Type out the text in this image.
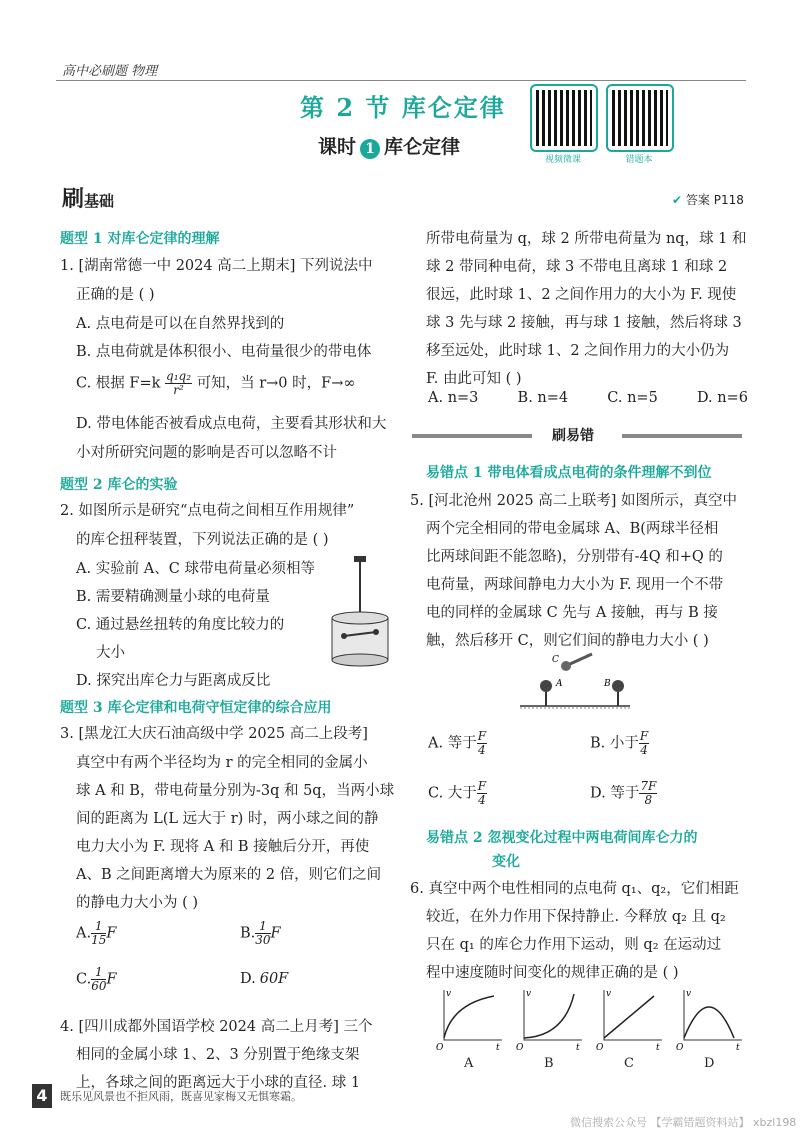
高中必刷题 物理
第 2 节 库仑定律
课时 1 库仑定律
视频微课	错题本
刷基础	✔ 答案 P118
题型 1 对库仑定律的理解
1. [湖南常德一中 2024 高二上期末] 下列说法中
正确的是 ( )
A. 点电荷是可以在自然界找到的
B. 点电荷就是体积很小、电荷量很少的带电体
D. 带电体能否被看成点电荷，主要看其形状和大
小对所研究问题的影响是否可以忽略不计
题型 2 库仑的实验
2. 如图所示是研究“点电荷之间相互作用规律”
的库仑扭秤装置，下列说法正确的是 ( )
A. 实验前 A、C 球带电荷量必须相等
B. 需要精确测量小球的电荷量
C. 通过悬丝扭转的角度比较力的
大小
D. 探究出库仑力与距离成反比
题型 3 库仑定律和电荷守恒定律的综合应用
3. [黑龙江大庆石油高级中学 2025 高二上段考]
真空中有两个半径均为 r 的完全相同的金属小
球 A 和 B，带电荷量分别为-3q 和 5q，当两小球
间的距离为 L(L 远大于 r) 时，两小球之间的静
电力大小为 F. 现将 A 和 B 接触后分开，再使
A、B 之间距离增大为原来的 2 倍，则它们之间
的静电力大小为 ( )
4. [四川成都外国语学校 2024 高二上月考] 三个
相同的金属小球 1、2、3 分别置于绝缘支架
上，各球之间的距离远大于小球的直径. 球 1
C. 根据 $F=k \frac{\text{q₁q₂}}{\text{r²}}$ 可知，当 r→0 时，F→∞
A. $\frac{1}{15}$ F	B. $\frac{1}{30}$ F
C. $\frac{1}{60}$ F	D. 60F
所带电荷量为 q，球 2 所带电荷量为 nq，球 1 和
球 2 带同种电荷，球 3 不带电且离球 1 和球 2
很远，此时球 1、2 之间作用力的大小为 F. 现使
球 3 先与球 2 接触，再与球 1 接触，然后将球 3
移至远处，此时球 1、2 之间作用力的大小仍为
F. 由此可知 ( )
易错点 1 带电体看成点电荷的条件理解不到位
5. [河北沧州 2025 高二上联考] 如图所示，真空中
两个完全相同的带电金属球 A、B(两球半径相
比两球间距不能忽略)，分别带有-4Q 和+Q 的
电荷量，两球间静电力大小为 F. 现用一个不带
电的同样的金属球 C 先与 A 接触，再与 B 接
触，然后移开 C，则它们间的静电力大小 ( )
易错点 2 忽视变化过程中两电荷间库仑力的
变化
6. 真空中两个电性相同的点电荷 q₁、q₂，它们相距
较近，在外力作用下保持静止. 今释放 q₂ 且 q₂
只在 q₁ 的库仑力作用下运动，则 q₂ 在运动过
程中速度随时间变化的规律正确的是 ( )
A. n=3	B. n=4	C. n=5	D. n=6
刷易错
A	B
C
A. 等于 $\frac{F}{4}$	B. 小于 $\frac{F}{4}$
C. 大于 $\frac{F}{4}$	D. 等于 $\frac{7F}{8}$
v
t
O
A
v
t
O
B
v
t
O
C
v
t
O
D
4	既乐见风景也不拒风雨，既喜见家梅又无惧寒霜。
微信搜索公众号 【学霸错题资料站】 xbzl198
